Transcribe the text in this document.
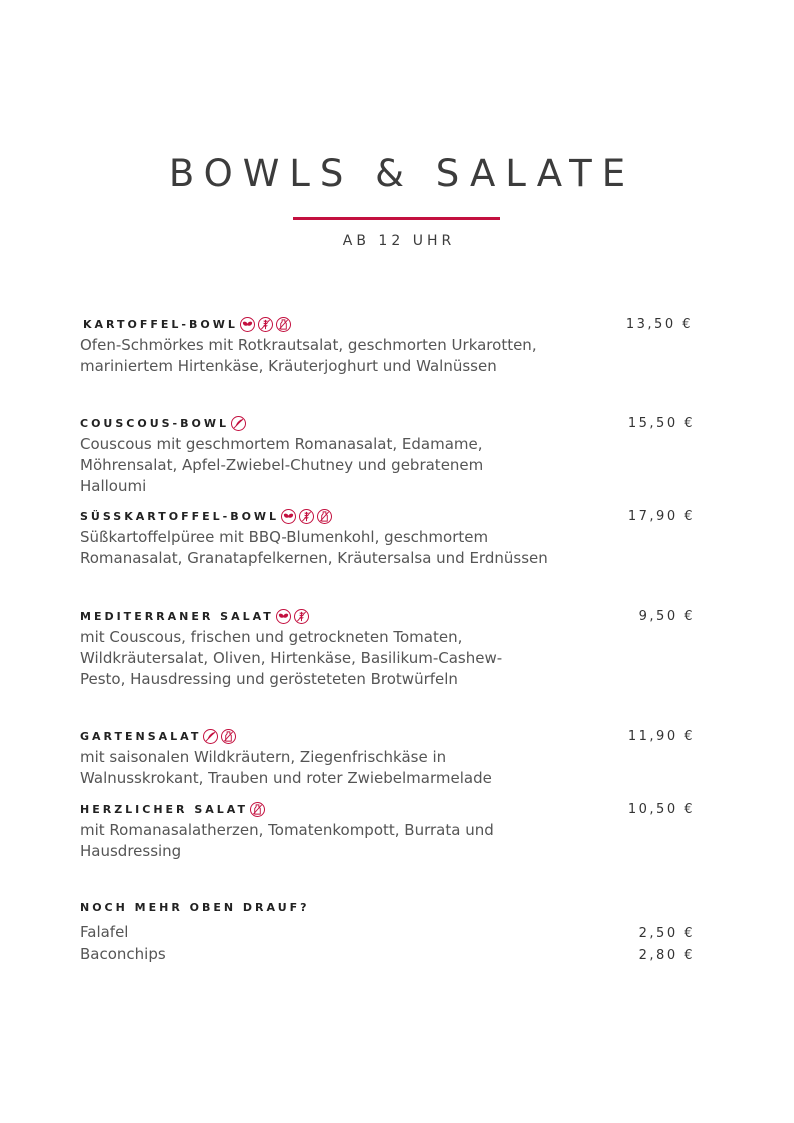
BOWLS & SALATE
AB 12 UHR
KARTOFFEL-BOWL	13,50 €
Ofen-Schmörkes mit Rotkrautsalat, geschmorten Urkarotten, mariniertem Hirtenkäse, Kräuterjoghurt und Walnüssen
COUSCOUS-BOWL	15,50 €
Couscous mit geschmortem Romanasalat, Edamame, Möhrensalat, Apfel-Zwiebel-Chutney und gebratenem Halloumi
SÜSSKARTOFFEL-BOWL	17,90 €
Süßkartoffelpüree mit BBQ-Blumenkohl, geschmortem Romanasalat, Granatapfelkernen, Kräutersalsa und Erdnüssen
MEDITERRANER SALAT	9,50 €
mit Couscous, frischen und getrockneten Tomaten, Wildkräutersalat, Oliven, Hirtenkäse, Basilikum-Cashew-Pesto, Hausdressing und gerösteteten Brotwürfeln
GARTENSALAT	11,90 €
mit saisonalen Wildkräutern, Ziegenfrischkäse in Walnusskrokant, Trauben und roter Zwiebelmarmelade
HERZLICHER SALAT	10,50 €
mit Romanasalatherzen, Tomatenkompott, Burrata und Hausdressing
NOCH MEHR OBEN DRAUF?
Falafel	2,50 €
Baconchips	2,80 €
